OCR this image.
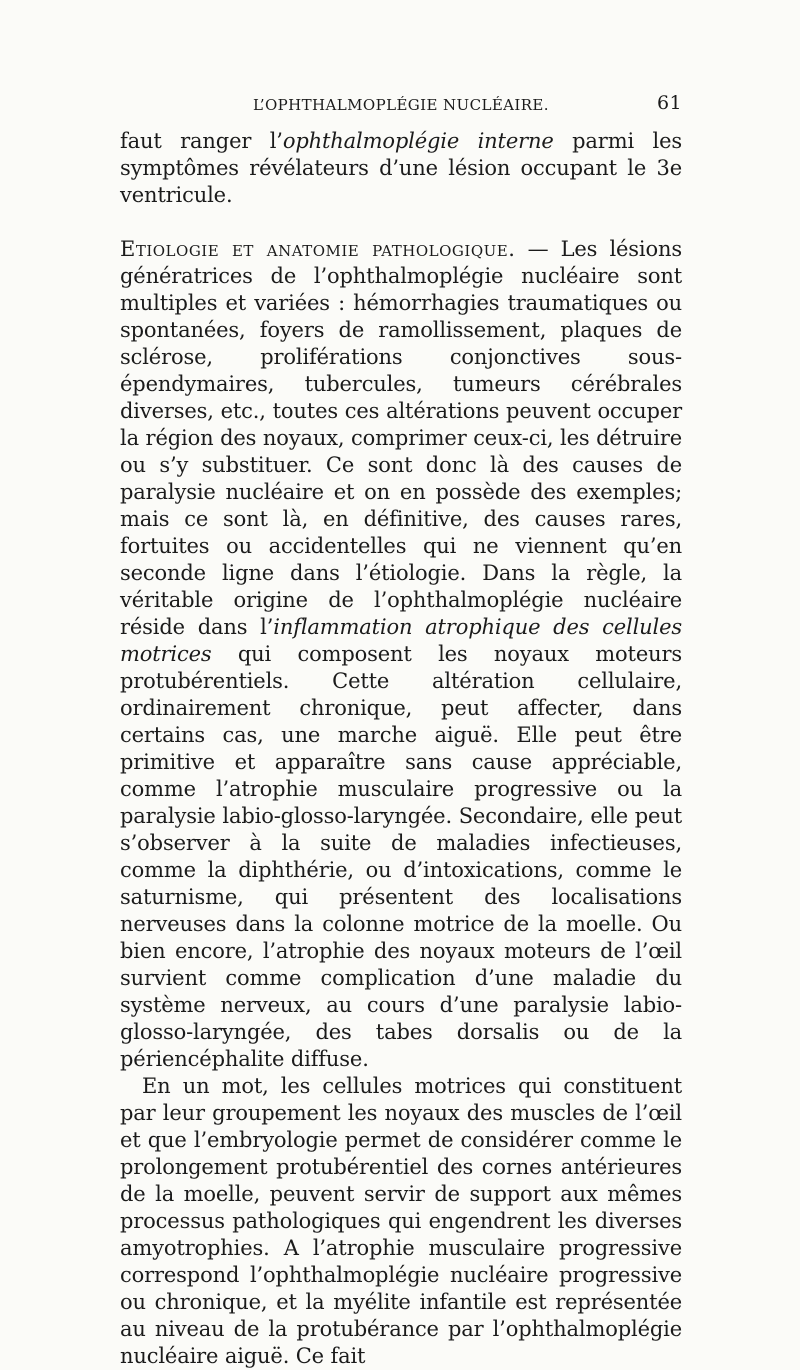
L’OPHTHALMOPLÉGIE NUCLÉAIRE.	61

faut ranger l’ophthalmoplégie interne parmi les symptômes révélateurs d’une lésion occupant le 3e ventricule.

Etiologie et anatomie pathologique. — Les lésions génératrices de l’ophthalmoplégie nucléaire sont multiples et variées : hémorrhagies traumatiques ou spontanées, foyers de ramollissement, plaques de sclérose, proliférations conjonctives sous-épendymaires, tubercules, tumeurs cérébrales diverses, etc., toutes ces altérations peuvent occuper la région des noyaux, comprimer ceux-ci, les détruire ou s’y substituer. Ce sont donc là des causes de paralysie nucléaire et on en possède des exemples; mais ce sont là, en définitive, des causes rares, fortuites ou accidentelles qui ne viennent qu’en seconde ligne dans l’étiologie. Dans la règle, la véritable origine de l’ophthalmoplégie nucléaire réside dans l’inflammation atrophique des cellules motrices qui composent les noyaux moteurs protubérentiels. Cette altération cellulaire, ordinairement chronique, peut affecter, dans certains cas, une marche aiguë. Elle peut être primitive et apparaître sans cause appréciable, comme l’atrophie musculaire progressive ou la paralysie labio-glosso-laryngée. Secondaire, elle peut s’observer à la suite de maladies infectieuses, comme la diphthérie, ou d’intoxications, comme le saturnisme, qui présentent des localisations nerveuses dans la colonne motrice de la moelle. Ou bien encore, l’atrophie des noyaux moteurs de l’œil survient comme complication d’une maladie du système nerveux, au cours d’une paralysie labio-glosso-laryngée, des tabes dorsalis ou de la périencéphalite diffuse.

En un mot, les cellules motrices qui constituent par leur groupement les noyaux des muscles de l’œil et que l’embryologie permet de considérer comme le prolongement protubérentiel des cornes antérieures de la moelle, peuvent servir de support aux mêmes processus pathologiques qui engendrent les diverses amyotrophies. A l’atrophie musculaire progressive correspond l’ophthalmoplégie nucléaire progressive ou chronique, et la myélite infantile est représentée au niveau de la protubérance par l’ophthalmoplégie nucléaire aiguë. Ce fait
